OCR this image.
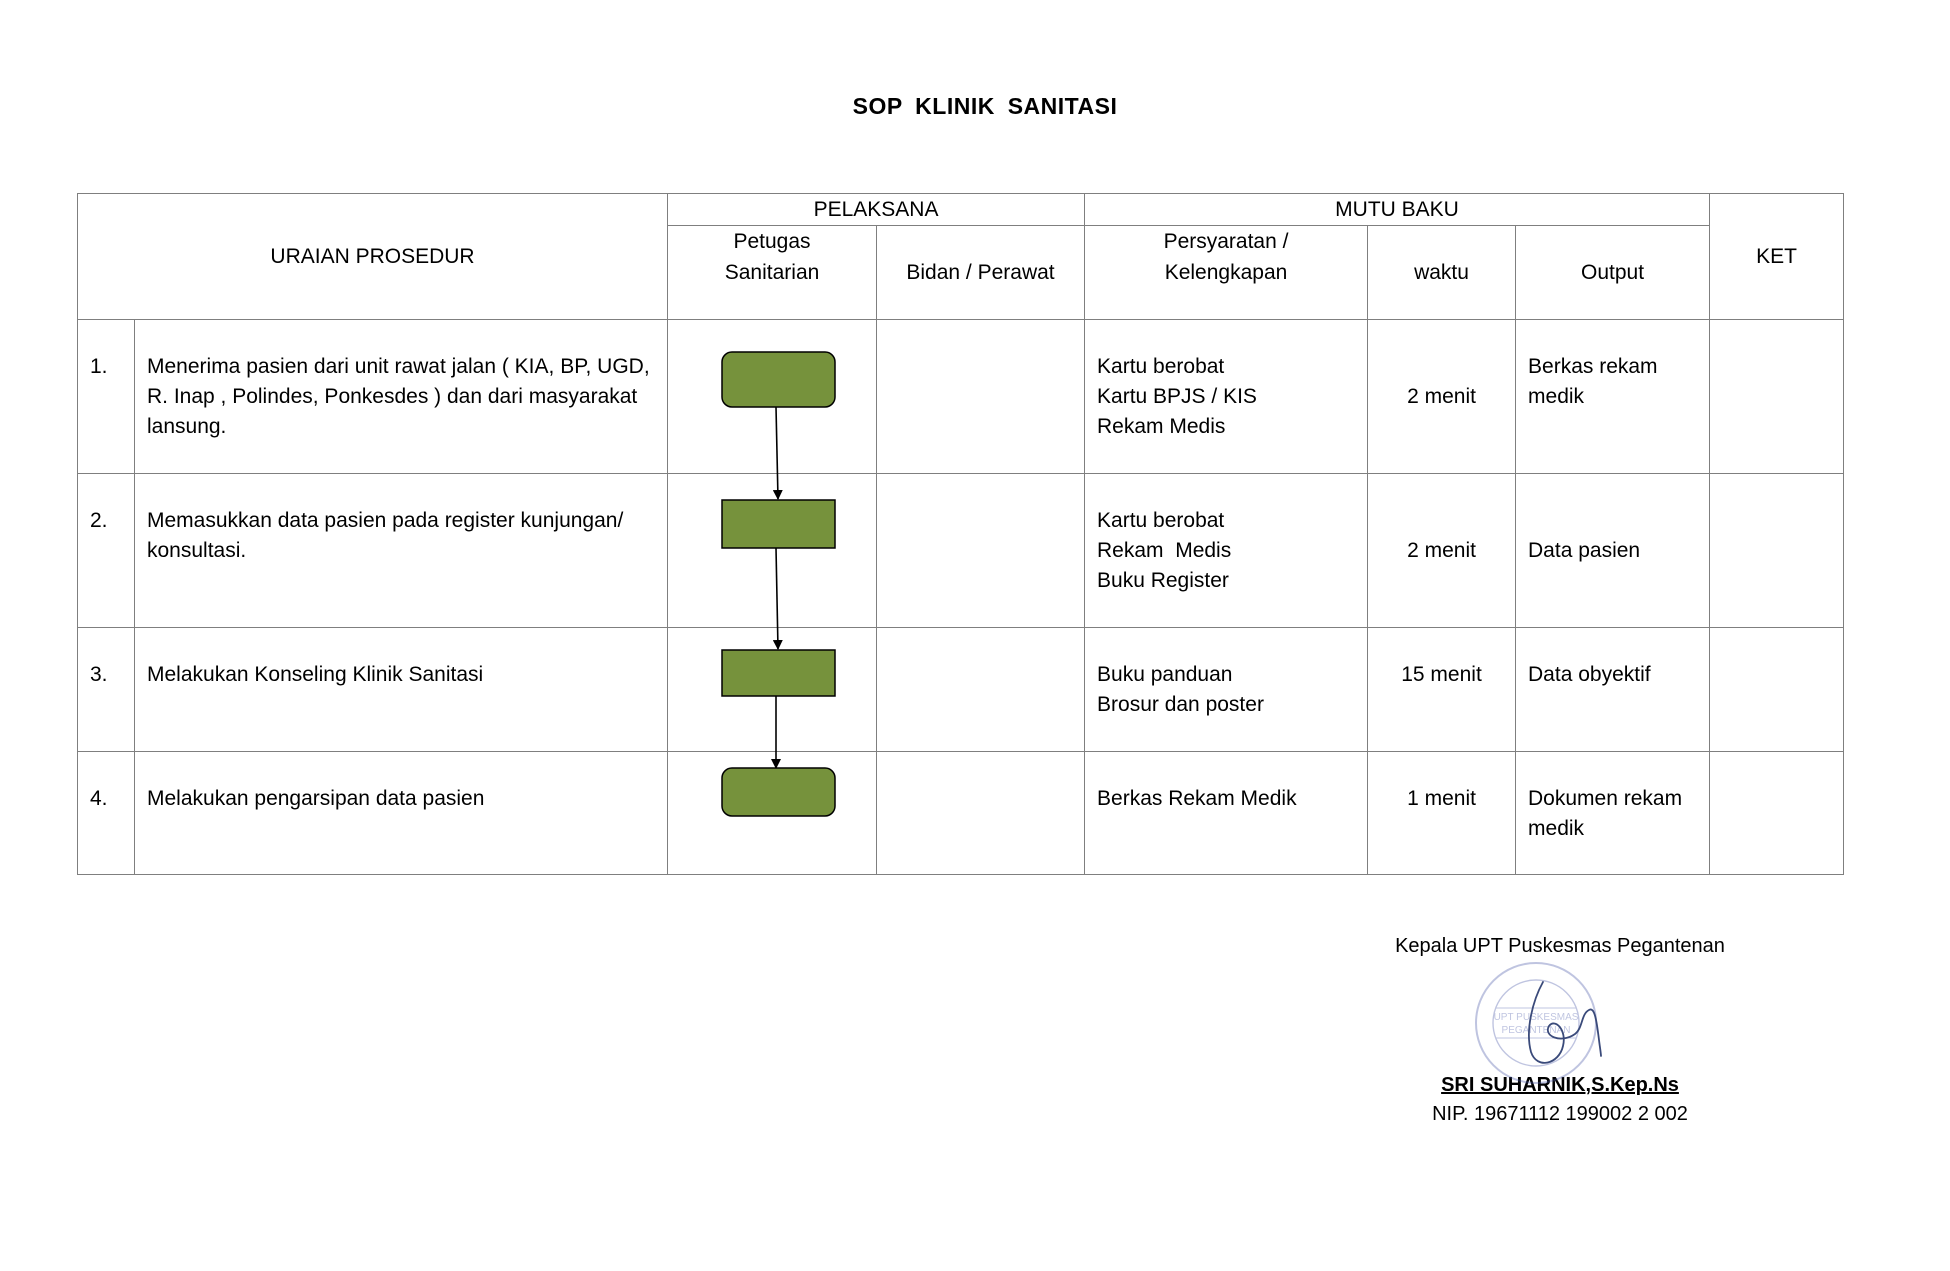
SOP KLINIK SANITASI
URAIAN PROSEDUR		PELAKSANA		MUTU BAKU			KET

		Petugas
Sanitarian	Bidan / Perawat	Persyaratan /
Kelengkapan	waktu	Output	

1.	Menerima pasien dari unit rawat jalan ( KIA, BP, UGD, R. Inap , Polindes, Ponkesdes ) dan dari masyarakat lansung.			Kartu berobat
Kartu BPJS / KIS
Rekam Medis	2 menit	Berkas rekam medik	
2.	Memasukkan data pasien pada register kunjungan/ konsultasi.			Kartu berobat
Rekam  Medis
Buku Register	2 menit	Data pasien	
3.	Melakukan Konseling Klinik Sanitasi			Buku panduan
Brosur dan poster	15 menit	Data obyektif	
4.	Melakukan pengarsipan data pasien			Berkas Rekam Medik	1 menit	Dokumen rekam medik	
Kepala UPT Puskesmas Pegantenan
SRI SUHARNIK,S.Kep.Ns
NIP. 19671112 199002 2 002
UPT PUSKESMAS
PEGANTENAN
